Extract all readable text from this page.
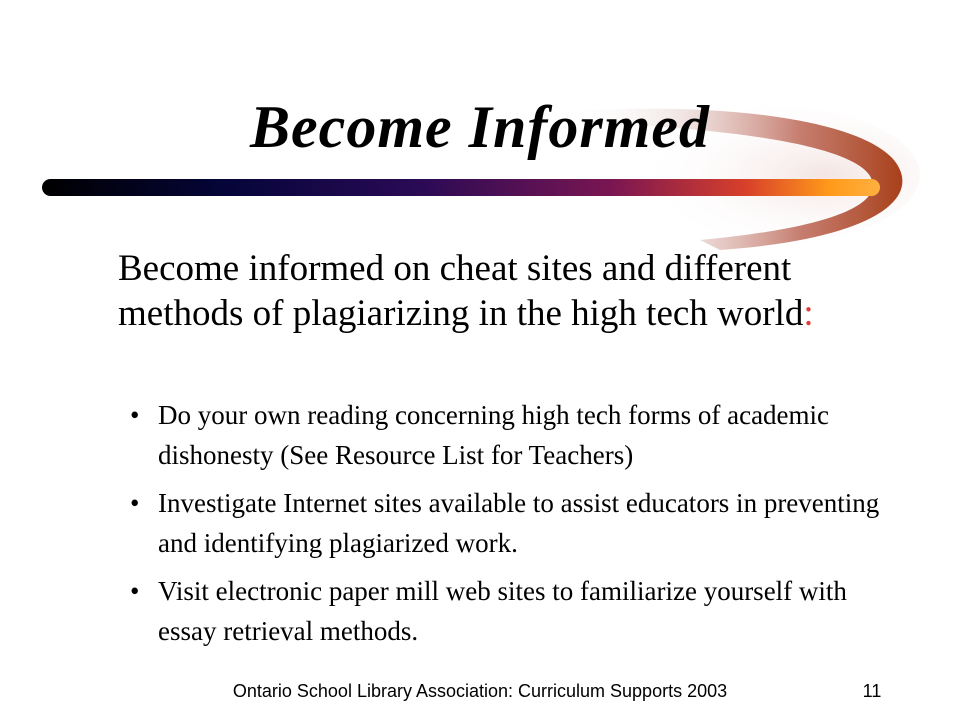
Become Informed

Become informed on cheat sites and different methods of plagiarizing in the high tech world:

• Do your own reading concerning high tech forms of academic dishonesty (See Resource List for Teachers)
• Investigate Internet sites available to assist educators in preventing and identifying plagiarized work.
• Visit electronic paper mill web sites to familiarize yourself with essay retrieval methods.
Ontario School Library Association: Curriculum Supports 2003	11
